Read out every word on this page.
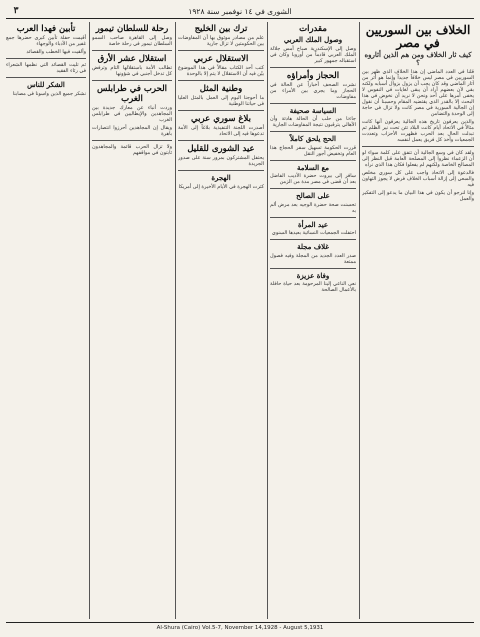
٣	الشورى في ١٤ نوفمبر سنة ١٩٢٨
الخلاف بين السوريين في مصر
كيف ثار الخلاف ومن هم الذين أثاروه ؟
قلنا في العدد الماضي إن هذا الخلاف الذي ظهر بين السوريين في مصر ليس خلافاً جديداً وإنما هو أثر من آثار الماضي وقد كان يجب أن يزول بزوال أسبابه ولكنه بقي لأن بعضهم أراد أن يبقى لغايات في النفوس لا يخفى أمرها على أحد ونحن لا نريد أن نخوض في هذا البحث إلا بالقدر الذي يقتضيه المقام وحسبنا أن نقول إن الجالية السورية في مصر كانت ولا تزال في حاجة إلى الوحدة والتضامن
والذين يعرفون تاريخ هذه الجالية يعرفون أنها كانت مثالاً في الاتحاد أيام كانت البلاد تئن تحت نير الظلم ثم تبدلت الحال بعد الحرب فظهرت الأحزاب وتعددت الجمعيات وأخذ كل فريق يعمل لنفسه
ولقد كان في وسع الجالية أن تتفق على كلمة سواء لو أن الزعماء نظروا إلى المصلحة العامة قبل النظر إلى المصالح الخاصة ولكنهم لم يفعلوا فكان هذا الذي نراه
فالدعوة إلى الاتحاد واجب على كل سوري مخلص والسعي إلى إزالة أسباب الخلاف فرض لا يجوز التهاون فيه
وإنا لنرجو أن يكون في هذا البيان ما يدعو إلى التفكير والعمل
مقدرات
وصول الملك العربي
وصل إلى الإسكندرية صباح أمس جلالة الملك العربي قادماً من أوروبا وكان في استقباله جمهور كبير
الحجاز وأمراؤه
نشرت الصحف أخباراً عن الحالة في الحجاز وما يجري بين الأمراء من مفاوضات
السياسة صحيفة
جاءنا من حلب أن الحالة هادئة وأن الأهالي يترقبون نتيجة المفاوضات الجارية
الحج يلحق كاملاً
قررت الحكومة تسهيل سفر الحجاج هذا العام وتخفيض أجور النقل
مع السلامة
سافر إلى بيروت حضرة الأديب الفاضل بعد أن قضى في مصر مدة من الزمن
على الصالح
تحسنت صحة حضرة الوجيه بعد مرض ألم به
عيد المرأة
احتفلت الجمعيات النسائية بعيدها السنوي
غلاف مجلة
صدر العدد الجديد من المجلة وفيه فصول ممتعة
وفاة عزيزة
نعى الناعي إلينا المرحومة بعد حياة حافلة بالأعمال الصالحة
ترك بين الخليج
علم من مصادر موثوق بها أن المفاوضات بين الحكومتين لا تزال جارية
الاستقلال عربي
كتب أحد الكتاب مقالاً في هذا الموضوع بيّن فيه أن الاستقلال لا يتم إلا بالوحدة
وطنية المثل
ما أحوجنا اليوم إلى العمل بالمثل العليا في حياتنا الوطنية
بلاغ سوري عربي
أصدرت اللجنة التنفيذية بلاغاً إلى الأمة تدعوها فيه إلى الاتحاد
عيد الشورى للقليل
يحتفل المشتركون بمرور سنة على صدور الجريدة
الهجرة
كثرت الهجرة في الأيام الأخيرة إلى أمريكا
رحلة للسلطان تيمور
وصل إلى القاهرة صاحب السمو السلطان تيمور في رحلة خاصة
استقلال عشر الأرق
تطالب الأمة باستقلالها التام وترفض كل تدخل أجنبي في شؤونها
الحرب في طرابلس الغرب
وردت أنباء عن معارك جديدة بين المجاهدين والإيطاليين في طرابلس الغرب
ويقال إن المجاهدين أحرزوا انتصارات باهرة
ولا تزال الحرب قائمة والمجاهدون ثابتون في مواقفهم
تأبين فهدا العرب
أقيمت حفلة تأبين كبرى حضرها جمع غفير من الأدباء والوجهاء
وألقيت فيها الخطب والقصائد
ثم تليت القصائد التي نظمها الشعراء في رثاء الفقيد
الشكر للناس
نشكر جميع الذين واسونا في مصابنا
Al-Shura (Cairo) Vol.5-7, November 14,1928 - August 5,1931
